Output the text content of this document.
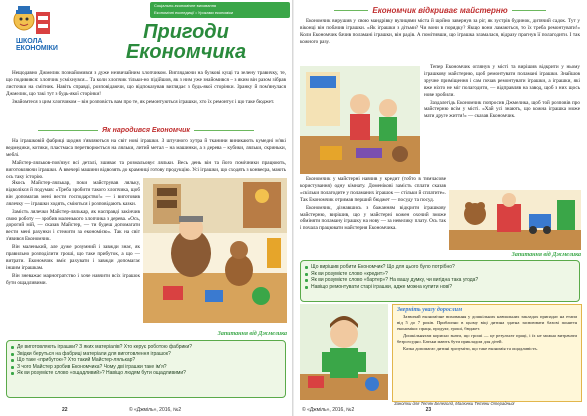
ШКОЛА
ЕКОНОМІКИ
Соціально-економічне виховання
Економічні експедиції • Уроками економіки
Пригоди
Економчика

Нещодавно Джмелик познайомився з дуже незвичайним хлопчиком. Виглядаючи на бузкові кущі та зелену травичку, те, що подивився: хлопчик усміхнувся... Та коли хлопчик тільки-но підійшов, як з ним уже знайомився – з яким він разом зібрав листочки на смітник. Навіть справді, розповідаючи, що відпоказував виглядає з будь-якої сторінки. Зранку й пом'янулася Джмелик, що такі тут з будь-якої сторінки!

Знайомтеся з цим хлопчиком – він розповість вам про те, як ремонтуються іграшки, хто їх ремонтує і що таке бюджет.

Як народився Економчик

На іграшковій фабриці щодня з'являються на світ нові іграшки. З штучного хутра й тканини виникають кумедні м'які ведмедики, котики, пластмаса перетворюється на ляльки, литий метал – на машинки, а з дерева – кубики, ляльки, скриньки, меблі.

Майстер-ляльков-пов'язує всі деталі, зшиває та розмальовує ляльки. Весь день він та його помічники працюють, виготовляючи іграшки. А ввечері машини відвозять до крамниці готову продукцію. Усі іграшки, що сходять з конвеєра, мають ось таку історію.

Якось Майстер-лялькар, поки майстрував ляльку, відволікся й подумав: «Треба зробити такого хлопчика, щоб він допомагав мені вести господарство!» — і виготовив лялечку — іграшки ходять, сміються і розповідають казки.

Замість лялечки Майстер-лялькар, як насправді закінчив свою роботу — зробив маленького хлопчика з дерева. «Ось, дорогий мій, — сказав Майстер, — ти будеш допомагати вести мені рахунки і стежити за економією». Так на світ з'явився Економчик.

Він маленький, але дуже розумний і завжди знає, як правильно розподілити гроші, що таке прибуток, а що — витрати. Економчик вміє рахувати і завжди допомагає іншим іграшкам.

Він зневажає марнотратство і хоче навчити всіх іграшок бути ощадливими.

Запитання від Джмелика
Де виготовляють іграшки? З яких матеріалів? Хто керує роботою фабрики?
Звідки беруться на фабриці матеріали для виготовлення іграшок?
Що таке «прибуток»? Хто такий Майстер-лялькар?
З чого Майстер зробив Економчика? Чому дві іграшки таке ім'я?
Як ви розумієте слово «ощадливий»? Навіщо людям бути ощадливими?
22	© «Джміль», 2016, №2
Економчик відкриває майстерню

Економчик вирушив у свою мандрівку вулицями міста й щойно завернув за ріг, як зустрів будинок, дитячий садок. Тут у віконці він побачив іграшки. «Як іграшки з дітьми? Чи вони в порядку? Якщо вони ламаються, то їх треба ремонтувати!» Коли Економчик бачив поламані іграшки, він радів. А помітивши, що іграшка зламалася, відразу прагнув її полагодити. І так кожного разу.

Тепер Економчик оглянув у місті та вирішив відкрити у ньому іграшкову майстерню, щоб ремонтувати поламані іграшки. Знайшов зручне приміщення і сам почав ремонтувати іграшки, а іграшки, які вже ніхто не міг полагодити, — відправляв на завод, щоб з них щось нове зробили.

Заздалегідь Економчик попросив Джмелика, щоб той розповів про майстерню всім у місті. «Хай усі знають, що кожна іграшка може мати друге життя!» — сказав Економчик.

Економчик у майстерні навчив у кредит (тобто в тимчасове користування) одну кімнату. Доменікові замість сплати сказав «скільки полагодите у поламаних іграшок — стільки й сплатите». Так Економчик отримав перший бюджет — посуду та посуд.

Економчик, дізнавшись з бажанням відкрити іграшкову майстерню, вирішив, що у майстерні кожен охочий зможе обміняти поламану іграшку на нову — за невелику плату. Ось так і почала працювати майстерня Економчика.

Запитання від Джмелика
Що вирішив робити Економчик? Що для цього було потрібно?
Як ви розумієте слово «кредит»?
Як ви розумієте слово «бартер»? На вашу думку, чи вигідна така угода?
Навіщо ремонтувати старі іграшки, адже можна купити нові?
Зверніть увагу дорослим

Зазвичай економічне виховання у дошкільних навчальних закладах припадає на етапи від 5 до 7 років. Приблизно в цьому віці дитина здатна засвоювати базові поняття економіки: праця, продукт, гроші, бюджет.

Дошкільнятам корисно знати, що гроші — це результат праці, і їх не можна витрачати безрозсудно. Батьки мають бути прикладом для дітей.

Казка допомагає дитині зрозуміти, що таке економія та ощадливість.

Занотки для Тетян Белеголд, Малюнки Тетяни Отерадньої
© «Джміль», 2016, №2	23
